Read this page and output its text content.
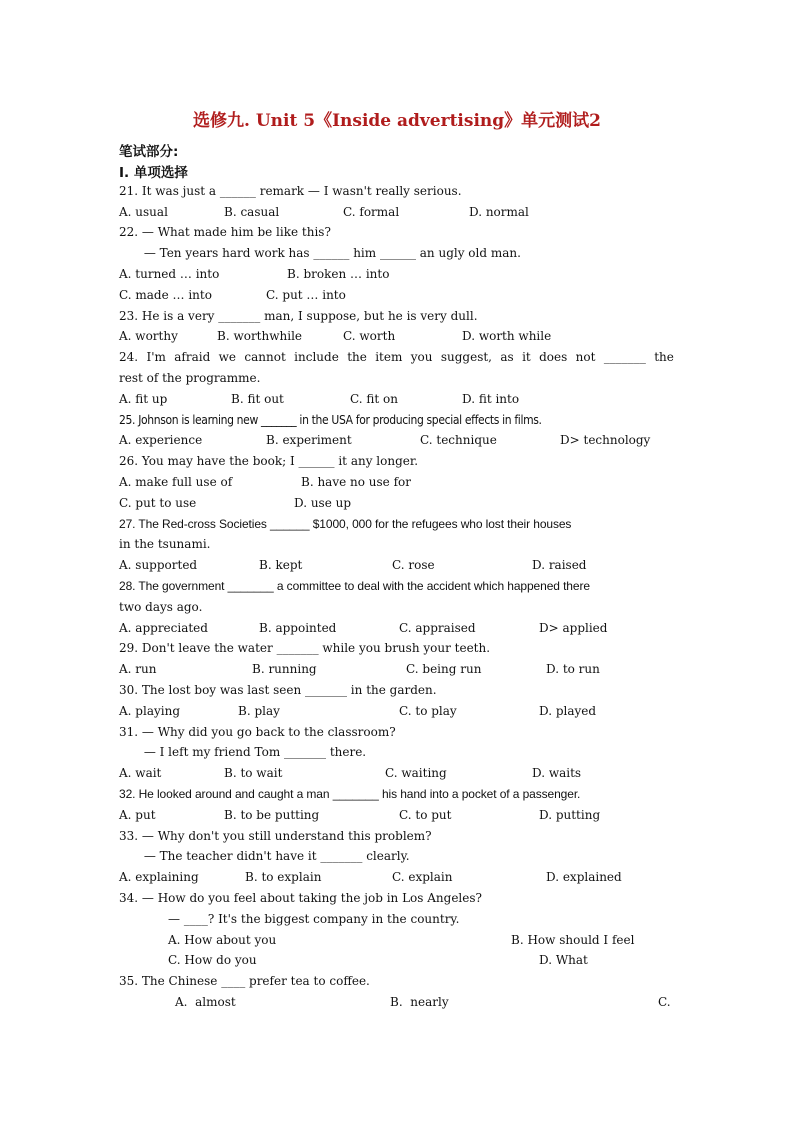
选修九. Unit 5《Inside advertising》单元测试2
笔试部分:
I. 单项选择
21. It was just a ______ remark — I wasn't really serious.
A. usual	B. casual	C. formal	D. normal
22. — What made him be like this?
— Ten years hard work has ______ him ______ an ugly old man.
A. turned … into	B. broken … into
C. made … into	C. put … into
23. He is a very _______ man, I suppose, but he is very dull.
A. worthy	B. worthwhile	C. worth	D. worth while
24. I'm afraid we cannot include the item you suggest, as it does not _______ the
rest of the programme.
A. fit up	B. fit out	C. fit on	D. fit into
25. Johnson is learning new _______ in the USA for producing special effects in films.
A. experience	B. experiment	C. technique	D> technology
26. You may have the book; I ______ it any longer.
A. make full use of	B. have no use for
C. put to use	D. use up
27. The Red-cross Societies ______ $1000, 000 for the refugees who lost their houses
in the tsunami.
A. supported	B. kept	C. rose	D. raised
28. The government _______ a committee to deal with the accident which happened there
two days ago.
A. appreciated	B. appointed	C. appraised	D> applied
29. Don't leave the water _______ while you brush your teeth.
A. run	B. running	C. being run	D. to run
30. The lost boy was last seen _______ in the garden.
A. playing	B. play	C. to play	D. played
31. — Why did you go back to the classroom?
— I left my friend Tom _______ there.
A. wait	B. to wait	C. waiting	D. waits
32. He looked around and caught a man _______ his hand into a pocket of a passenger.
A. put	B. to be putting	C. to put	D. putting
33. — Why don't you still understand this problem?
— The teacher didn't have it _______ clearly.
A. explaining	B. to explain	C. explain	D. explained
34. — How do you feel about taking the job in Los Angeles?
— ____? It's the biggest company in the country.
A. How about you	B. How should I feel
C. How do you	D. What
35. The Chinese ____ prefer tea to coffee.
A.  almost	B.  nearly	C.
